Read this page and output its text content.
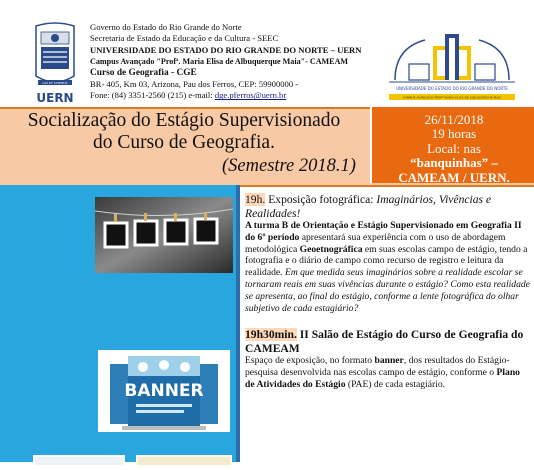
LUX ET SCIENTIA
UERN
Governo do Estado do Rio Grande do Norte
Secretaria de Estado da Educação e da Cultura - SEEC
UNIVERSIDADE DO ESTADO DO RIO GRANDE DO NORTE – UERN
Campus Avançado "Profª. Maria Elisa de Albuquerque Maia"- CAMEAM
Curso de Geografia - CGE
BR- 405, Km 03, Arizona, Pau dos Ferros, CEP: 59900000 -
Fone: (84) 3351-2560 (215) e-mail: dge.pferros@uern.br
UNIVERSIDADE DO ESTADO DO RIO GRANDE DO NORTE
CAMPUS AVANÇADO PROFª MARIA ELISA DE ALBUQUERQUE MAIA
Socialização do Estágio Supervisionado
do Curso de Geografia.
(Semestre 2018.1)
26/11/2018
19 horas
Local: nas
“banquinhas” –
CAMEAM / UERN.
BANNER

19h. Exposição fotográfica: Imaginários, Vivências e Realidades!

A turma B de Orientação e Estágio Supervisionado em Geografia II do 6º período apresentará sua experiência com o uso de abordagem metodológica Geoetnográfica em suas escolas campo de estágio, tendo a fotografia e o diário de campo como recurso de registro e leitura da realidade. Em que medida seus imaginários sobre a realidade escolar se tornaram reais em suas vivências durante o estágio? Como esta realidade se apresenta, ao final do estágio, conforme a lente fotográfica do olhar subjetivo de cada estagiário?

19h30min. II Salão de Estágio do Curso de Geografia do CAMEAM

Espaço de exposição, no formato banner, dos resultados do Estágio-pesquisa desenvolvida nas escolas campo de estágio, conforme o Plano de Atividades do Estágio (PAE) de cada estagiário.
